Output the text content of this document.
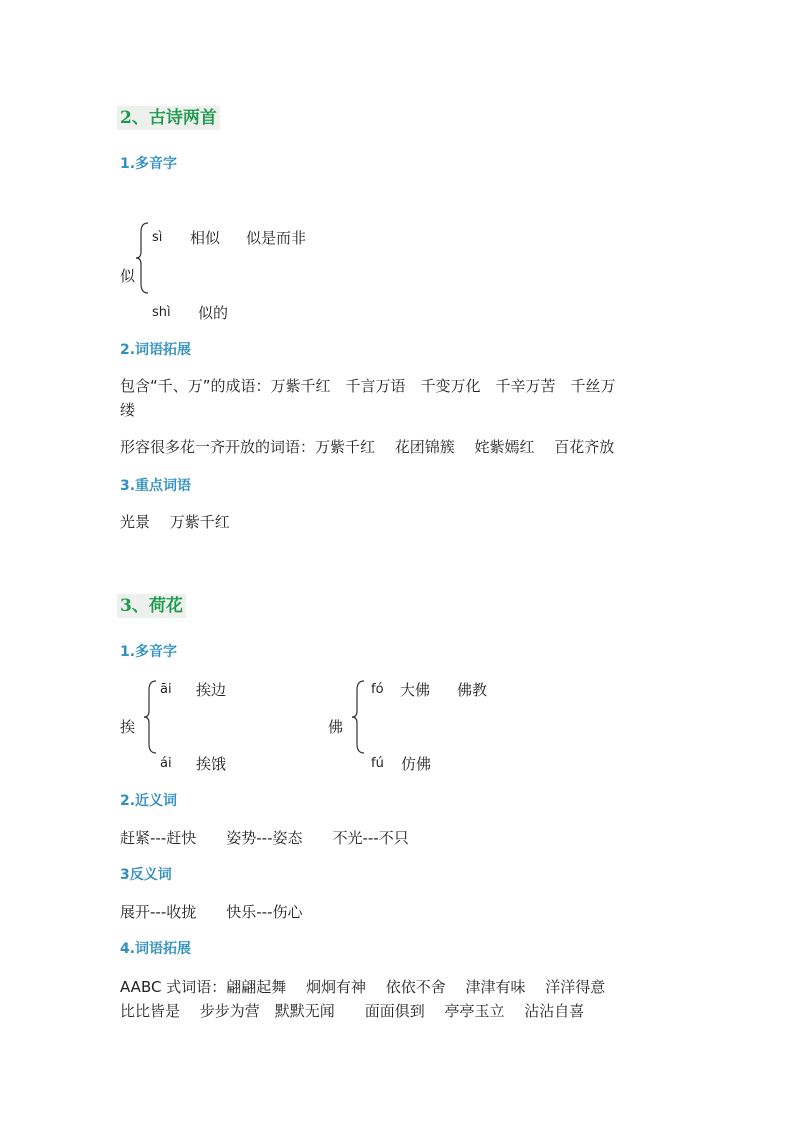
2、古诗两首
1.多音字
sì 相似 似是而非
似
shì 似的
2.词语拓展
包含“千、万”的成语：万紫千红　千言万语　千变万化　千辛万苦　千丝万
缕
形容很多花一齐开放的词语：万紫千红　 花团锦簇　 姹紫嫣红　 百花齐放
3.重点词语
光景　 万紫千红
3、荷花
1.多音字
挨
āi 挨边
ái 挨饿
佛
fó 大佛 佛教
fú 仿佛
2.近义词
赶紧---赶快　　姿势---姿态　　不光---不只
3反义词
展开---收拢　　快乐---伤心
4.词语拓展
AABC 式词语：翩翩起舞　 炯炯有神　 依依不舍　 津津有味　 洋洋得意
比比皆是　 步步为营　默默无闻　　面面俱到　 亭亭玉立　 沾沾自喜
